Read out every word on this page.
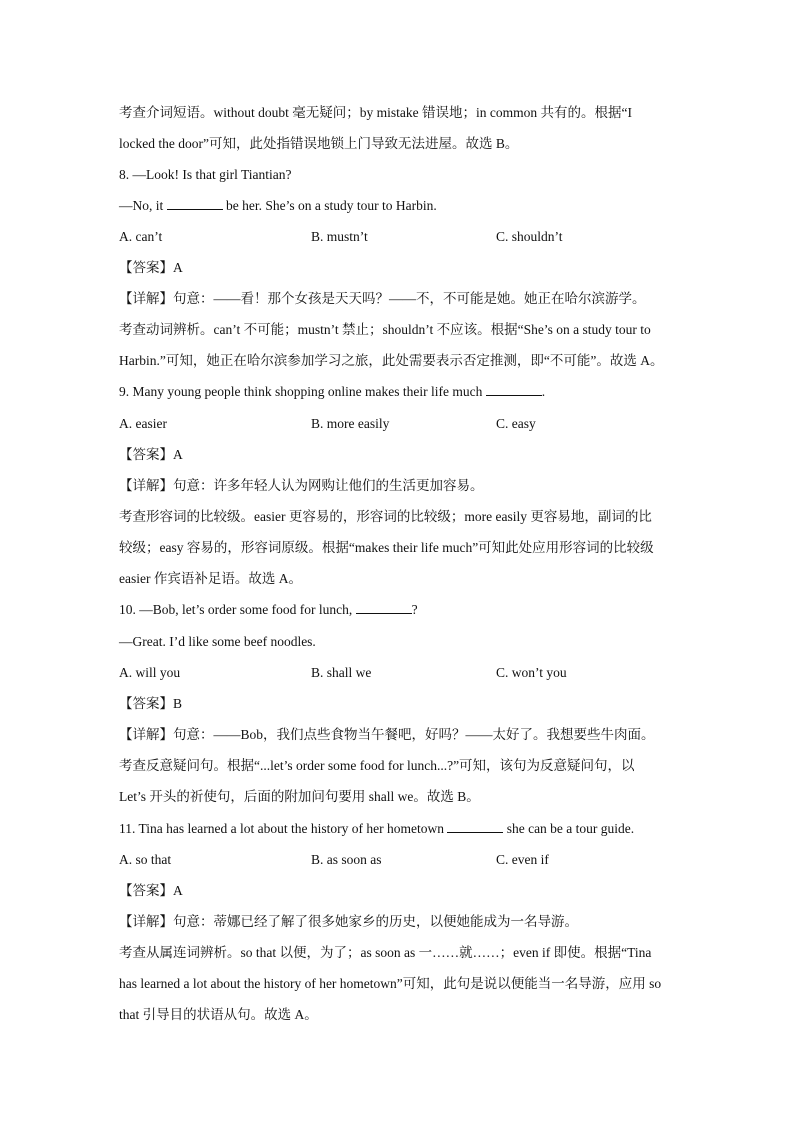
考查介词短语。without doubt 毫无疑问；by mistake 错误地；in common 共有的。根据“I
locked the door”可知，此处指错误地锁上门导致无法进屋。故选 B。
8. —Look! Is that girl Tiantian?
—No, it	be her. She’s on a study tour to Harbin.
A. can’t	B. mustn’t	C. shouldn’t
【答案】A
【详解】句意：——看！那个女孩是天天吗？——不，不可能是她。她正在哈尔滨游学。
考查动词辨析。can’t 不可能；mustn’t 禁止；shouldn’t 不应该。根据“She’s on a study tour to
Harbin.”可知，她正在哈尔滨参加学习之旅，此处需要表示否定推测，即“不可能”。故选 A。
9. Many young people think shopping online makes their life much	.
A. easier	B. more easily	C. easy
【答案】A
【详解】句意：许多年轻人认为网购让他们的生活更加容易。
考查形容词的比较级。easier 更容易的，形容词的比较级；more easily 更容易地，副词的比
较级；easy 容易的，形容词原级。根据“makes their life much”可知此处应用形容词的比较级
easier 作宾语补足语。故选 A。
10. —Bob, let’s order some food for lunch,	?
—Great. I’d like some beef noodles.
A. will you	B. shall we	C. won’t you
【答案】B
【详解】句意：——Bob，我们点些食物当午餐吧，好吗？——太好了。我想要些牛肉面。
考查反意疑问句。根据“...let’s order some food for lunch...?”可知，该句为反意疑问句，以
Let’s 开头的祈使句，后面的附加问句要用 shall we。故选 B。
11. Tina has learned a lot about the history of her hometown	she can be a tour guide.
A. so that	B. as soon as	C. even if
【答案】A
【详解】句意：蒂娜已经了解了很多她家乡的历史，以便她能成为一名导游。
考查从属连词辨析。so that 以便，为了；as soon as 一……就……；even if 即使。根据“Tina
has learned a lot about the history of her hometown”可知，此句是说以便能当一名导游，应用 so
that 引导目的状语从句。故选 A。
